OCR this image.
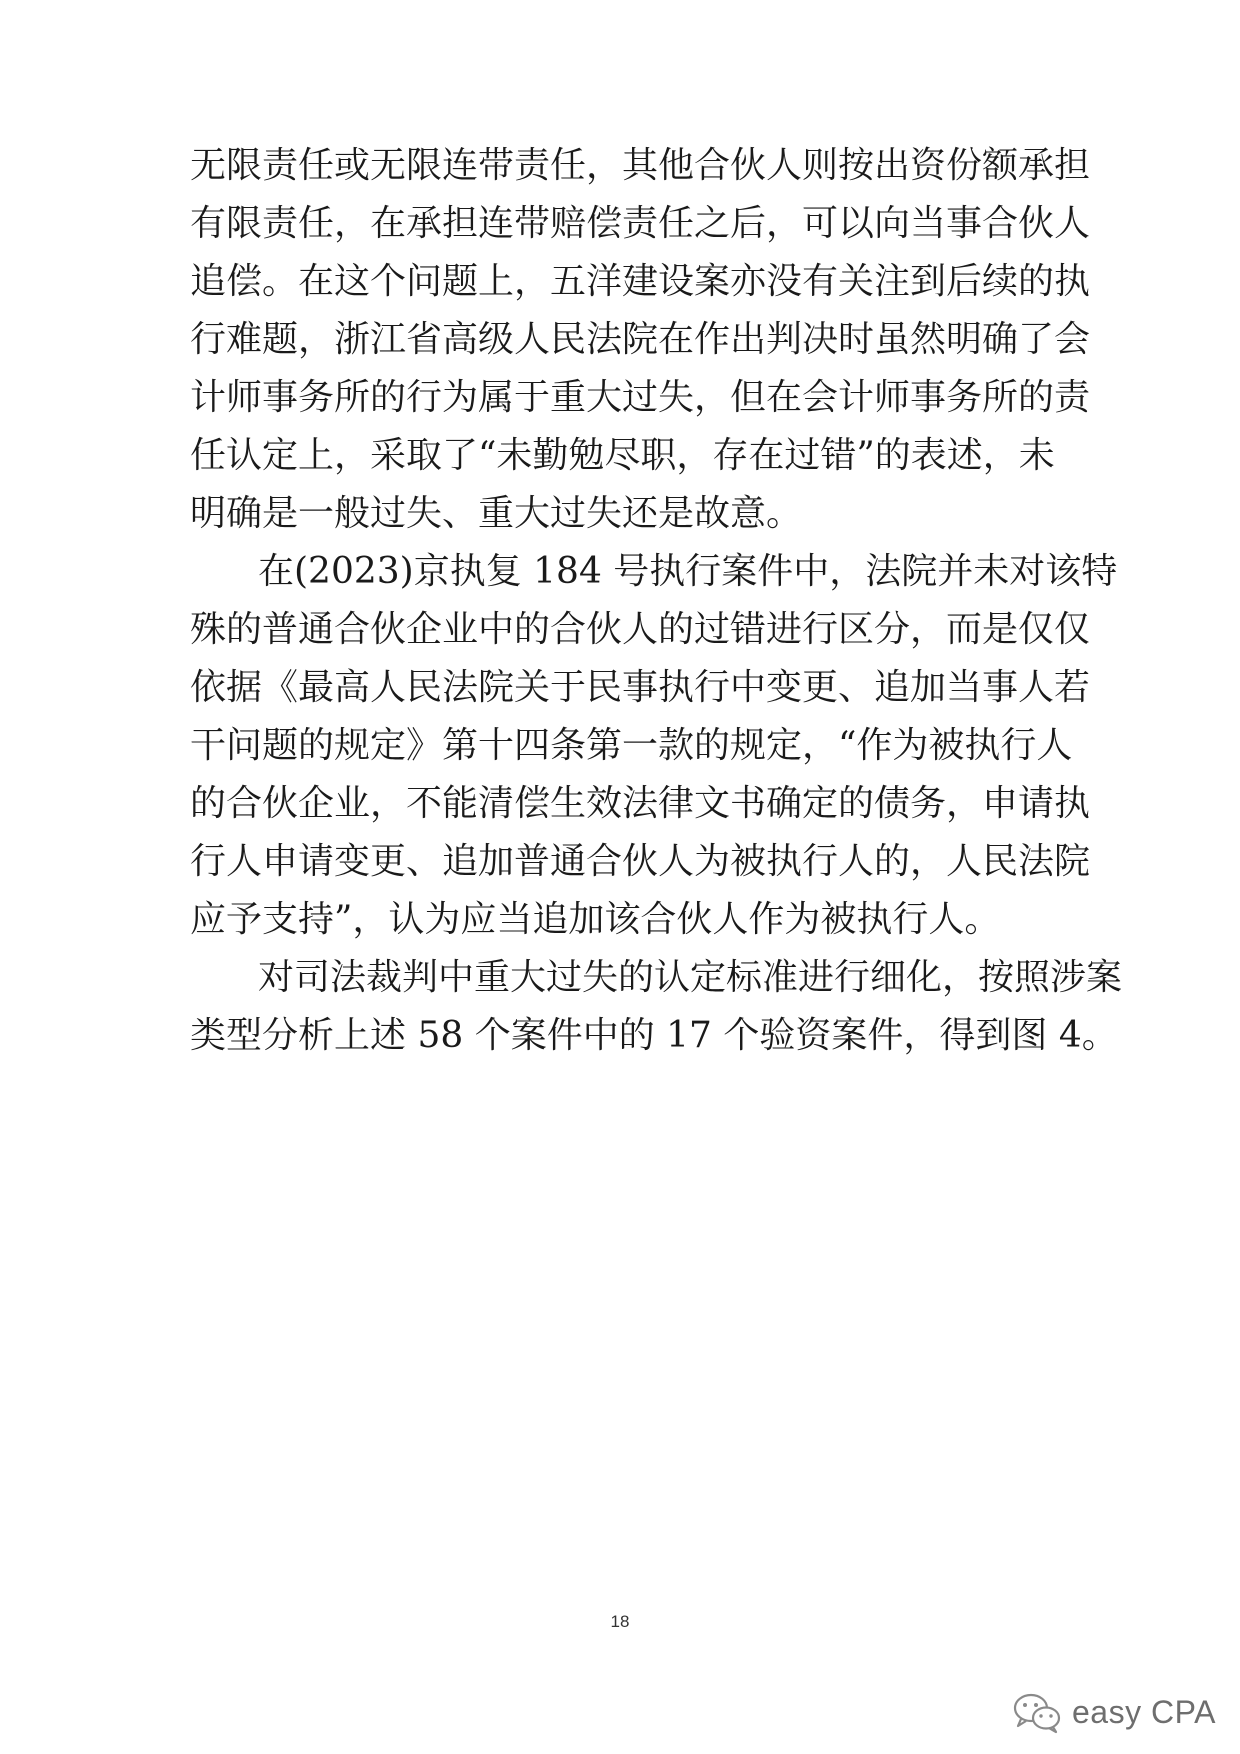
无限责任或无限连带责任，其他合伙人则按出资份额承担
有限责任，在承担连带赔偿责任之后，可以向当事合伙人
追偿。在这个问题上，五洋建设案亦没有关注到后续的执
行难题，浙江省高级人民法院在作出判决时虽然明确了会
计师事务所的行为属于重大过失，但在会计师事务所的责
任认定上，采取了“未勤勉尽职，存在过错”的表述，未
明确是一般过失、重大过失还是故意。
在(2023)京执复 184 号执行案件中，法院并未对该特
殊的普通合伙企业中的合伙人的过错进行区分，而是仅仅
依据《最高人民法院关于民事执行中变更、追加当事人若
干问题的规定》第十四条第一款的规定，“作为被执行人
的合伙企业，不能清偿生效法律文书确定的债务，申请执
行人申请变更、追加普通合伙人为被执行人的，人民法院
应予支持”，认为应当追加该合伙人作为被执行人。
对司法裁判中重大过失的认定标准进行细化，按照涉案
类型分析上述 58 个案件中的 17 个验资案件，得到图 4。
18
easy CPA
